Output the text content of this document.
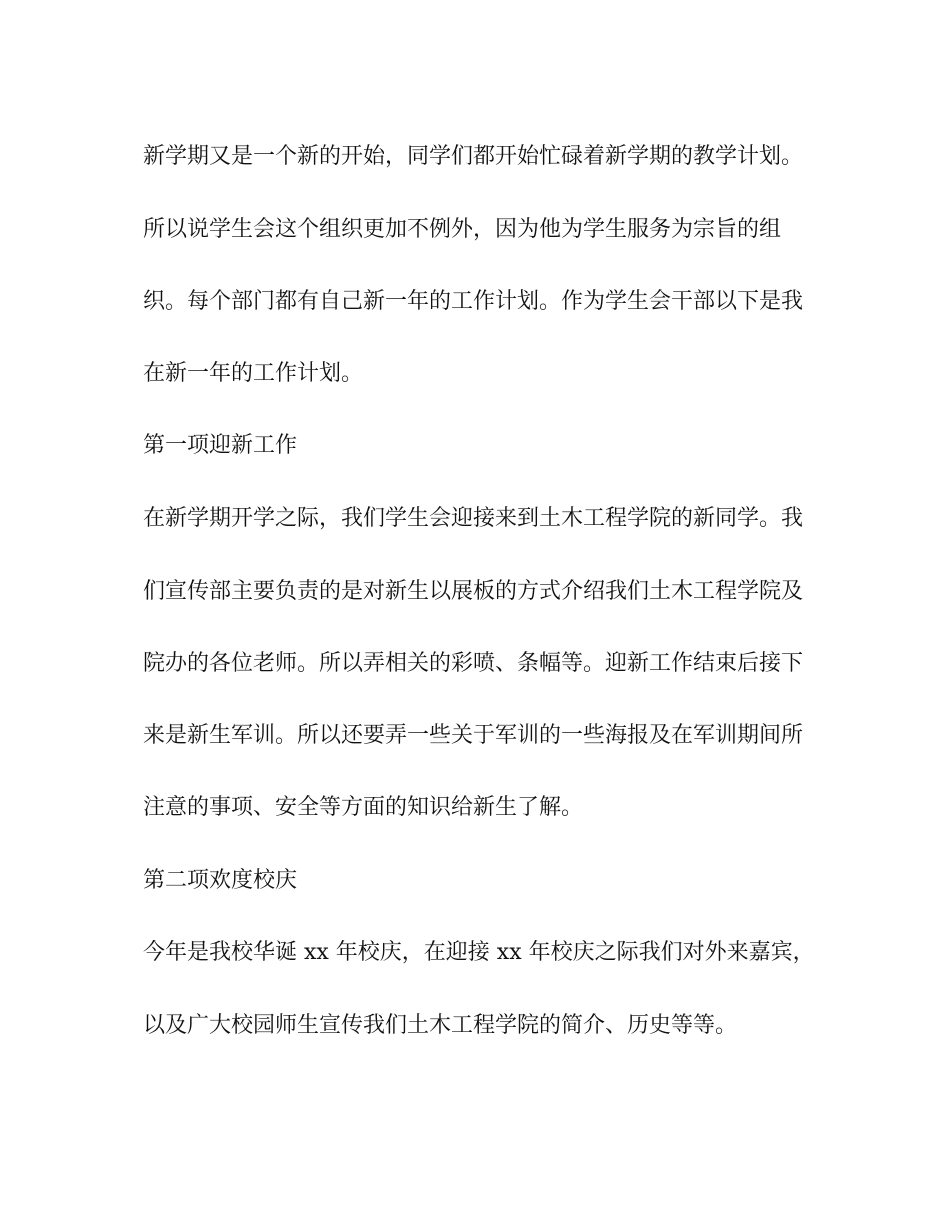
新学期又是一个新的开始，同学们都开始忙碌着新学期的教学计划。

所以说学生会这个组织更加不例外，因为他为学生服务为宗旨的组

织。每个部门都有自己新一年的工作计划。作为学生会干部以下是我

在新一年的工作计划。

第一项迎新工作

在新学期开学之际，我们学生会迎接来到土木工程学院的新同学。我

们宣传部主要负责的是对新生以展板的方式介绍我们土木工程学院及

院办的各位老师。所以弄相关的彩喷、条幅等。迎新工作结束后接下

来是新生军训。所以还要弄一些关于军训的一些海报及在军训期间所

注意的事项、安全等方面的知识给新生了解。

第二项欢度校庆

今年是我校华诞 xx 年校庆，在迎接 xx 年校庆之际我们对外来嘉宾，

以及广大校园师生宣传我们土木工程学院的简介、历史等等。
